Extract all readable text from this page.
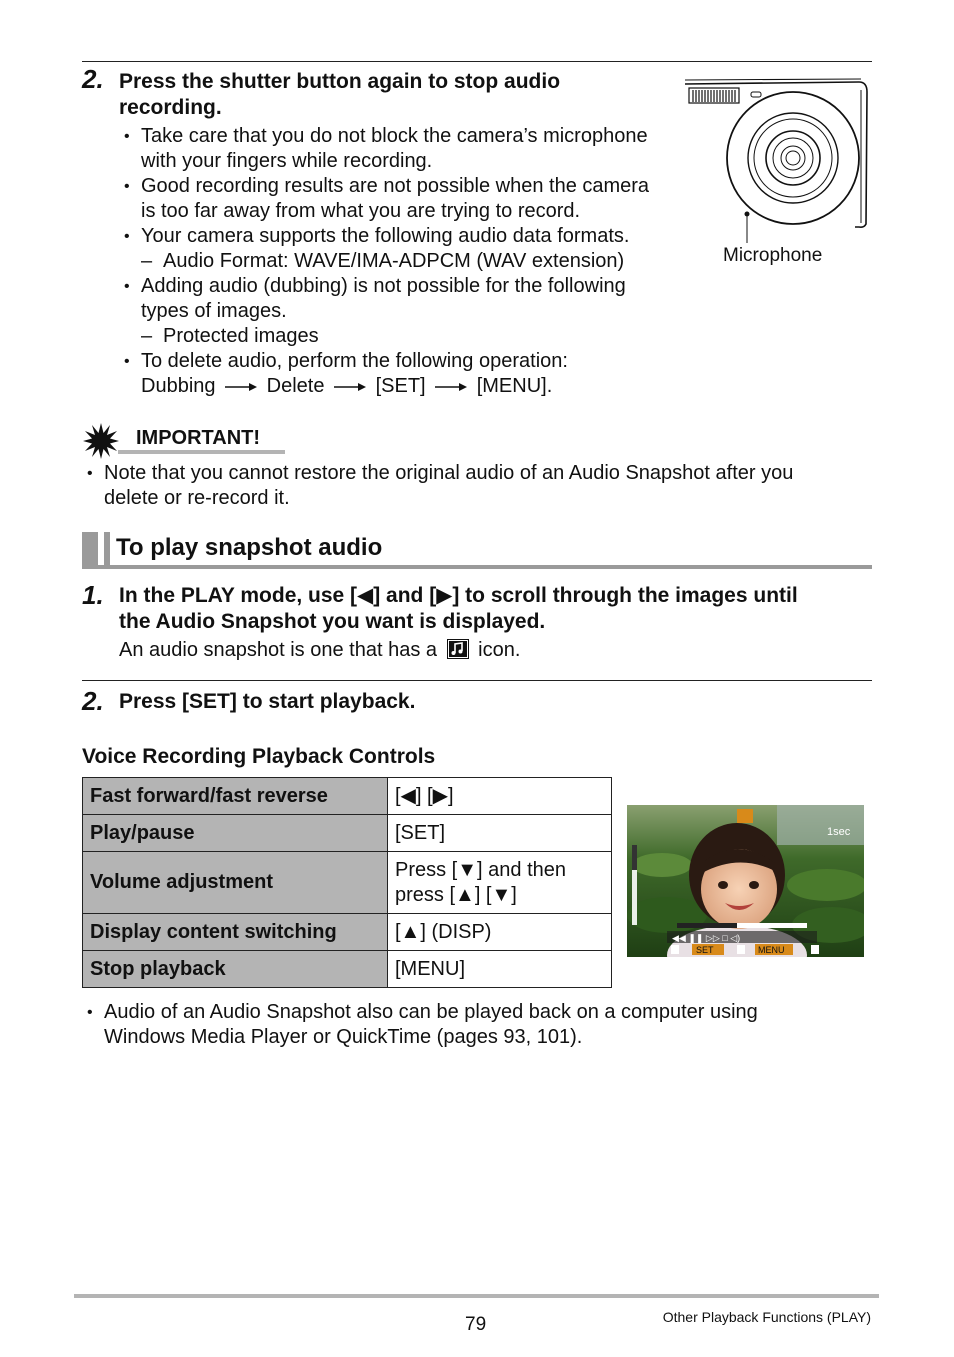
2. Press the shutter button again to stop audio
recording.
• Take care that you do not block the camera’s microphone
with your fingers while recording.
• Good recording results are not possible when the camera
is too far away from what you are trying to record.
• Your camera supports the following audio data formats.
– Audio Format: WAVE/IMA-ADPCM (WAV extension)
• Adding audio (dubbing) is not possible for the following
types of images.
– Protected images
• To delete audio, perform the following operation:
Dubbing	Delete	[SET]	[MENU].
Microphone
IMPORTANT!
• Note that you cannot restore the original audio of an Audio Snapshot after you
delete or re-record it.
To play snapshot audio
1. In the PLAY mode, use [◀] and [▶] to scroll through the images until
the Audio Snapshot you want is displayed.
An audio snapshot is one that has a icon.
2. Press [SET] to start playback.
Voice Recording Playback Controls
Fast forward/fast reverse	[◀] [▶]
Play/pause	[SET]
Volume adjustment	Press [▼] and then
press [▲] [▼]

Display content switching	[▲] (DISP)
Stop playback	[MENU]
1sec
◀◀ ❚❚ ▷▷ □ ◁)
SET	MENU
• Audio of an Audio Snapshot also can be played back on a computer using
Windows Media Player or QuickTime (pages 93, 101).
79	Other Playback Functions (PLAY)
